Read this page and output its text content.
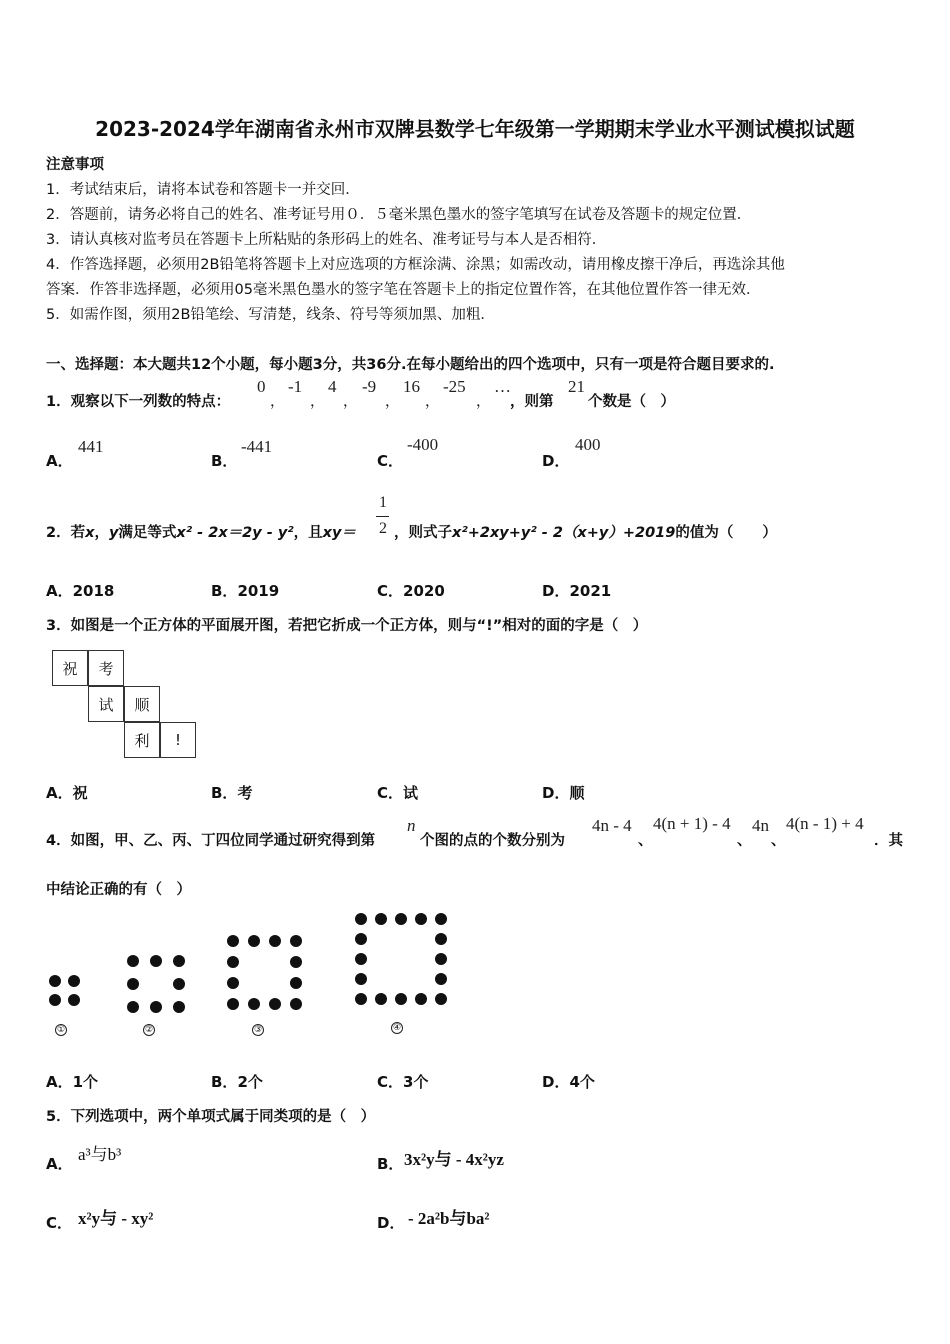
2023-2024学年湖南省永州市双牌县数学七年级第一学期期末学业水平测试模拟试题
注意事项
1．考试结束后，请将本试卷和答题卡一并交回．
2．答题前，请务必将自己的姓名、准考证号用０．５毫米黑色墨水的签字笔填写在试卷及答题卡的规定位置．
3．请认真核对监考员在答题卡上所粘贴的条形码上的姓名、准考证号与本人是否相符．
4．作答选择题，必须用2B铅笔将答题卡上对应选项的方框涂满、涂黑；如需改动，请用橡皮擦干净后，再选涂其他
答案．作答非选择题，必须用05毫米黑色墨水的签字笔在答题卡上的指定位置作答，在其他位置作答一律无效．
5．如需作图，须用2B铅笔绘、写清楚，线条、符号等须加黑、加粗．
一、选择题：本大题共12个小题，每小题3分，共36分.在每小题给出的四个选项中，只有一项是符合题目要求的.
1．观察以下一列数的特点：
0
，
-1
，
4
，
-9
，
16
，
-25
，
…
，则第
21
个数是（　）
A．
441
B．
-441
C．
-400
D．
400
2．若x，y满足等式x² - 2x＝2y - y²，且xy＝
1
2 ，则式子x²+2xy+y² - 2（x+y）+2019的值为（　　）
A．2018	B．2019	C．2020	D．2021
3．如图是一个正方体的平面展开图，若把它折成一个正方体，则与“!”相对的面的字是（　）
祝	考
试	顺
利	!
A．祝	B．考	C．试	D．顺
4．如图，甲、乙、丙、丁四位同学通过研究得到第
n
个图的点的个数分别为
4n - 4
、
4(n + 1) - 4
、
4n
、
4(n - 1) + 4
．其
中结论正确的有（　）
①	②	③	④
A．1个	B．2个	C．3个	D．4个
5．下列选项中，两个单项式属于同类项的是（　）
A． a³与b³	B． 3x²y与 - 4x²yz
C． x²y与 - xy²	D． - 2a²b与ba²
